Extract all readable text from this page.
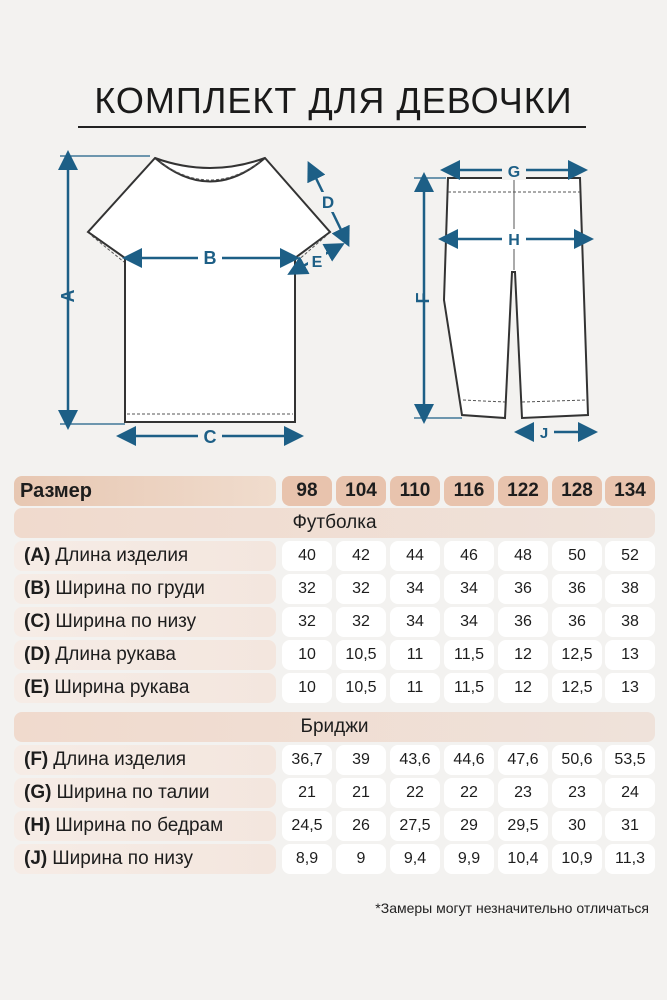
КОМПЛЕКТ ДЛЯ ДЕВОЧКИ
A
B
C
D
E
F
G
H
J
Размер	98	104	110	116	122	128	134
Футболка
(A) Длина изделия	40	42	44	46	48	50	52
(B) Ширина по груди	32	32	34	34	36	36	38
(C) Ширина по низу	32	32	34	34	36	36	38
(D) Длина рукава	10	10,5	11	11,5	12	12,5	13
(E) Ширина рукава	10	10,5	11	11,5	12	12,5	13
Бриджи
(F) Длина изделия	36,7	39	43,6	44,6	47,6	50,6	53,5
(G) Ширина по талии	21	21	22	22	23	23	24
(H) Ширина по бедрам	24,5	26	27,5	29	29,5	30	31
(J) Ширина по низу	8,9	9	9,4	9,9	10,4	10,9	11,3
*Замеры могут незначительно отличаться
